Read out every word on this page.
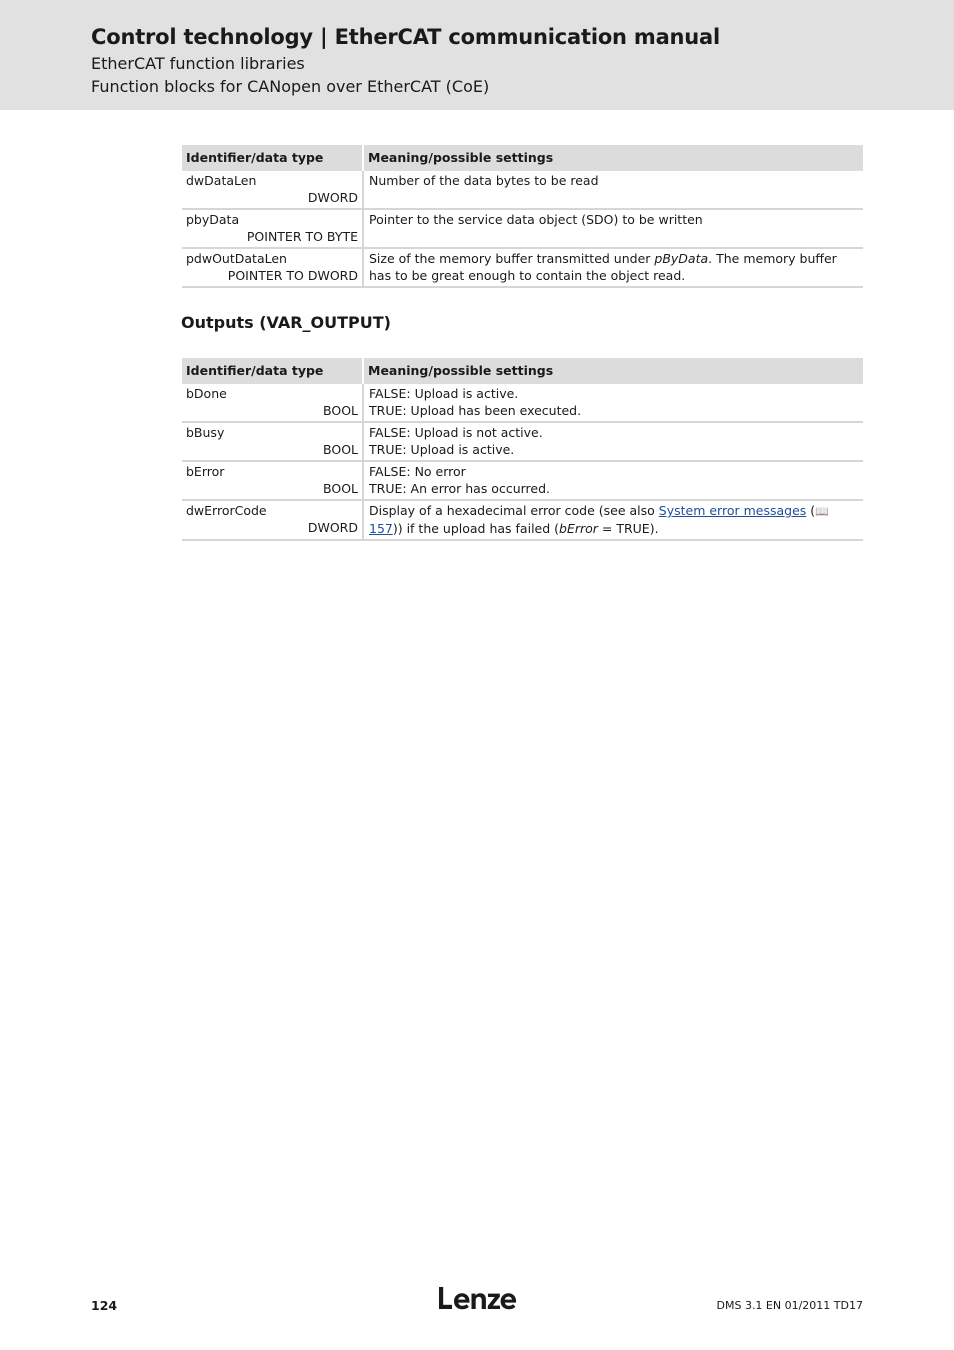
Control technology | EtherCAT communication manual
EtherCAT function libraries
Function blocks for CANopen over EtherCAT (CoE)
Identifier/data type	Meaning/possible settings

dwDataLen
DWORD	Number of the data bytes to be read

pbyData
POINTER TO BYTE	Pointer to the service data object (SDO) to be written

pdwOutDataLen
POINTER TO DWORD	Size of the memory buffer transmitted under pByData. The memory buffer has to be great enough to contain the object read.
Outputs (VAR_OUTPUT)
Identifier/data type	Meaning/possible settings

bDone
BOOL	FALSE: Upload is active.
TRUE: Upload has been executed.

bBusy
BOOL	FALSE: Upload is not active.
TRUE: Upload is active.

bError
BOOL	FALSE: No error
TRUE: An error has occurred.

dwErrorCode
DWORD	Display of a hexadecimal error code (see also System error messages (📖157)) if the upload has failed (bError = TRUE).
124	DMS 3.1 EN 01/2011 TD17
